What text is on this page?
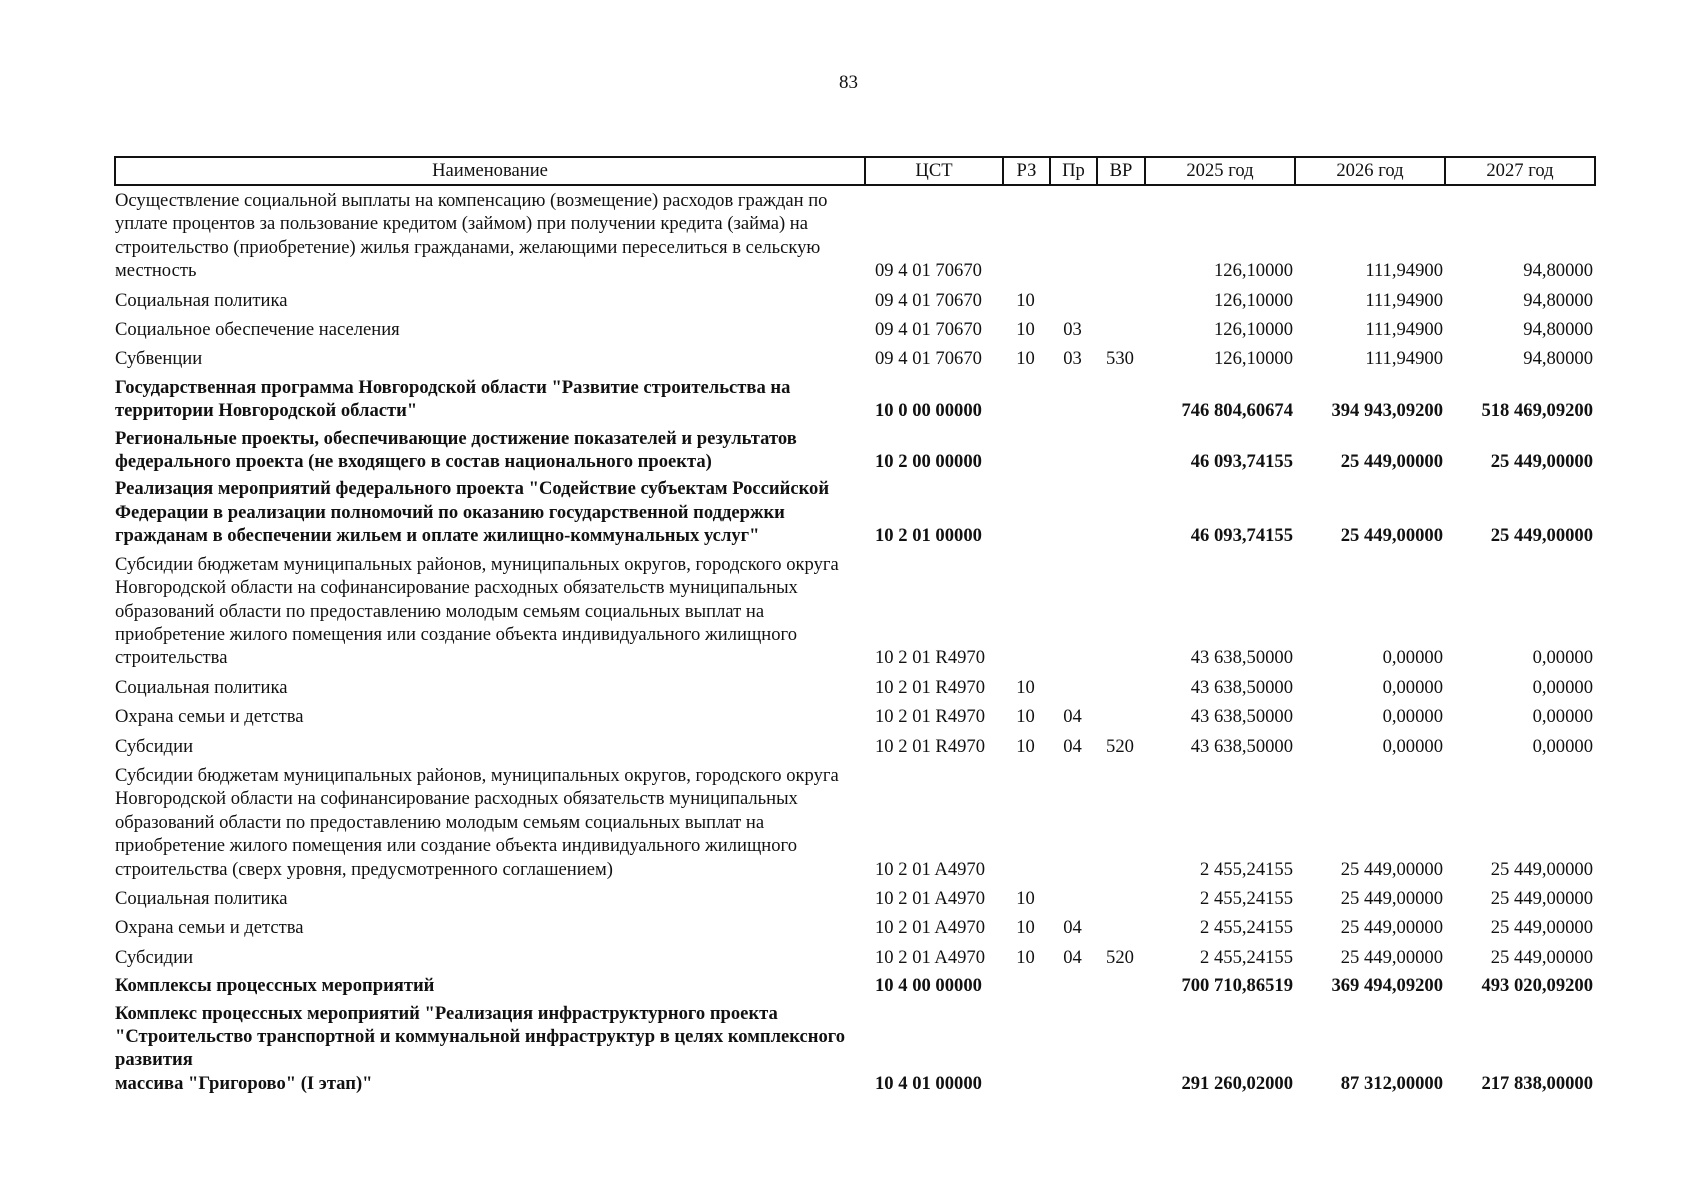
83
Наименование	ЦСТ	РЗ	Пр	ВР	2025 год	2026 год	2027 год
Осуществление социальной выплаты на компенсацию (возмещение) расходов граждан по уплате процентов за пользование кредитом (займом) при получении кредита (займа) на строительство (приобретение) жилья гражданами, желающими переселиться в сельскую местность	09 4 01 70670				126,10000	111,94900	94,80000
Социальная политика	09 4 01 70670	10			126,10000	111,94900	94,80000
Социальное обеспечение населения	09 4 01 70670	10	03		126,10000	111,94900	94,80000
Субвенции	09 4 01 70670	10	03	530	126,10000	111,94900	94,80000
Государственная программа Новгородской области "Развитие строительства на территории Новгородской области"	10 0 00 00000				746 804,60674	394 943,09200	518 469,09200
Региональные проекты, обеспечивающие достижение показателей и результатов федерального проекта (не входящего в состав национального проекта)	10 2 00 00000				46 093,74155	25 449,00000	25 449,00000
Реализация мероприятий федерального проекта "Содействие субъектам Российской Федерации в реализации полномочий по оказанию государственной поддержки гражданам в обеспечении жильем и оплате жилищно-коммунальных услуг"	10 2 01 00000				46 093,74155	25 449,00000	25 449,00000
Субсидии бюджетам муниципальных районов, муниципальных округов, городского округа Новгородской области на софинансирование расходных обязательств муниципальных образований области по предоставлению молодым семьям социальных выплат на приобретение жилого помещения или создание объекта индивидуального жилищного строительства	10 2 01 R4970				43 638,50000	0,00000	0,00000
Социальная политика	10 2 01 R4970	10			43 638,50000	0,00000	0,00000
Охрана семьи и детства	10 2 01 R4970	10	04		43 638,50000	0,00000	0,00000
Субсидии	10 2 01 R4970	10	04	520	43 638,50000	0,00000	0,00000
Субсидии бюджетам муниципальных районов, муниципальных округов, городского округа Новгородской области на софинансирование расходных обязательств муниципальных образований области по предоставлению молодым семьям социальных выплат на приобретение жилого помещения или создание объекта индивидуального жилищного строительства (сверх уровня, предусмотренного соглашением)	10 2 01 A4970				2 455,24155	25 449,00000	25 449,00000
Социальная политика	10 2 01 A4970	10			2 455,24155	25 449,00000	25 449,00000
Охрана семьи и детства	10 2 01 A4970	10	04		2 455,24155	25 449,00000	25 449,00000
Субсидии	10 2 01 A4970	10	04	520	2 455,24155	25 449,00000	25 449,00000
Комплексы процессных мероприятий	10 4 00 00000				700 710,86519	369 494,09200	493 020,09200
Комплекс процессных мероприятий "Реализация инфраструктурного проекта "Строительство транспортной и коммунальной инфраструктур в целях комплексного развития
массива "Григорово" (I этап)"	10 4 01 00000				291 260,02000	87 312,00000	217 838,00000
